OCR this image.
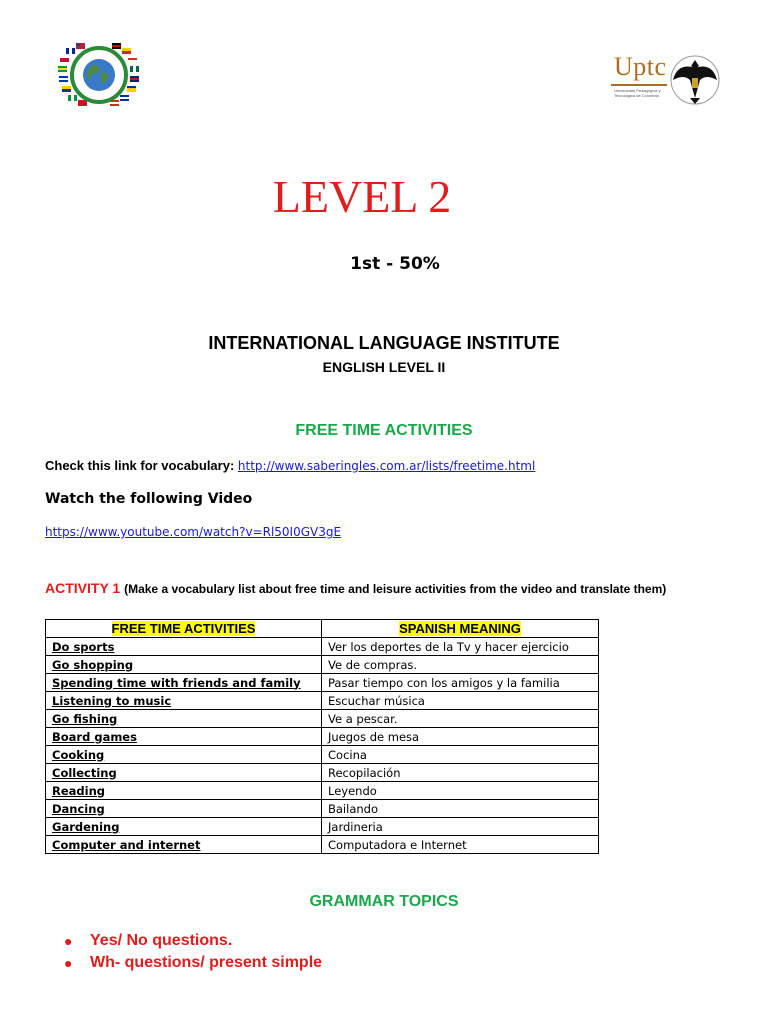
Uptc
Universidad Pedagógica y Tecnológica de Colombia
LEVEL 2
1st - 50%
INTERNATIONAL LANGUAGE INSTITUTE
ENGLISH LEVEL II
FREE TIME ACTIVITIES
Check this link for vocabulary: http://www.saberingles.com.ar/lists/freetime.html
Watch the following Video
https://www.youtube.com/watch?v=Rl50I0GV3gE
ACTIVITY 1 (Make a vocabulary list about free time and leisure activities from the video and translate them)
FREE TIME ACTIVITIES	SPANISH MEANING
Do sports	Ver los deportes de la Tv y hacer ejercicio
Go shopping	Ve de compras.
Spending time with friends and family	Pasar tiempo con los amigos y la familia
Listening to music	Escuchar música
Go fishing	Ve a pescar.
Board games	Juegos de mesa
Cooking	Cocina
Collecting	Recopilación
Reading	Leyendo
Dancing	Bailando
Gardening	Jardineria
Computer and internet	Computadora e Internet
GRAMMAR TOPICS
● Yes/ No questions.
● Wh- questions/ present simple
